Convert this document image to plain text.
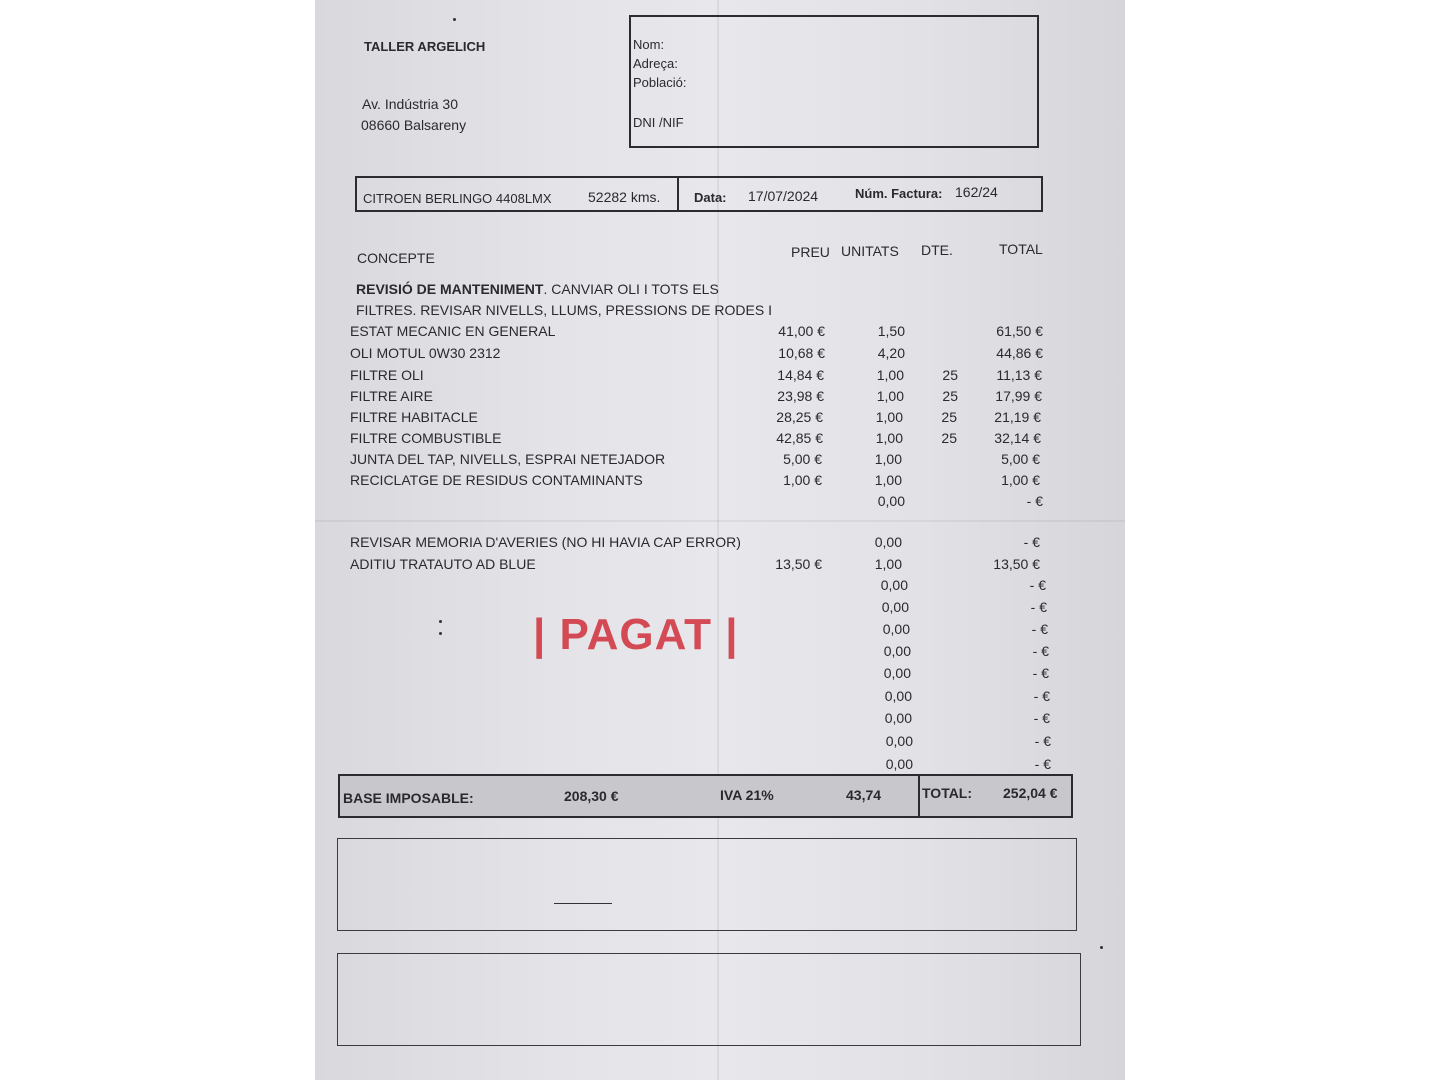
TALLER ARGELICH
Av. Indústria 30
08660 Balsareny
Nom:
Adreça:
Població:
DNI /NIF
CITROEN BERLINGO 4408LMX	52282 kms.	Data: 17/07/2024	Núm. Factura: 162/24
CONCEPTE	PREU UNITATS DTE.	TOTAL
REVISIÓ DE MANTENIMENT. CANVIAR OLI I TOTS ELS
FILTRES. REVISAR NIVELLS, LLUMS, PRESSIONS DE RODES I
ESTAT MECANIC EN GENERAL	41,00 €	1,50	61,50 €
OLI MOTUL 0W30 2312	10,68 €	4,20	44,86 €
FILTRE OLI	14,84 €	1,00	25	11,13 €
FILTRE AIRE	23,98 €	1,00	25	17,99 €
FILTRE HABITACLE	28,25 €	1,00	25	21,19 €
FILTRE COMBUSTIBLE	42,85 €	1,00	25	32,14 €
JUNTA DEL TAP, NIVELLS, ESPRAI NETEJADOR	5,00 €	1,00	5,00 €
RECICLATGE DE RESIDUS CONTAMINANTS	1,00 €	1,00	1,00 €
0,00	- €
REVISAR MEMORIA D'AVERIES (NO HI HAVIA CAP ERROR)	0,00	- €
ADITIU TRATAUTO AD BLUE	13,50 €	1,00	13,50 €
0,00	- €
0,00	- €
0,00	- €
0,00	- €
0,00	- €
0,00	- €
0,00	- €
0,00	- €
0,00	- €
| PAGAT |
BASE IMPOSABLE:	208,30 €	IVA 21%	43,74	TOTAL: 252,04 €
